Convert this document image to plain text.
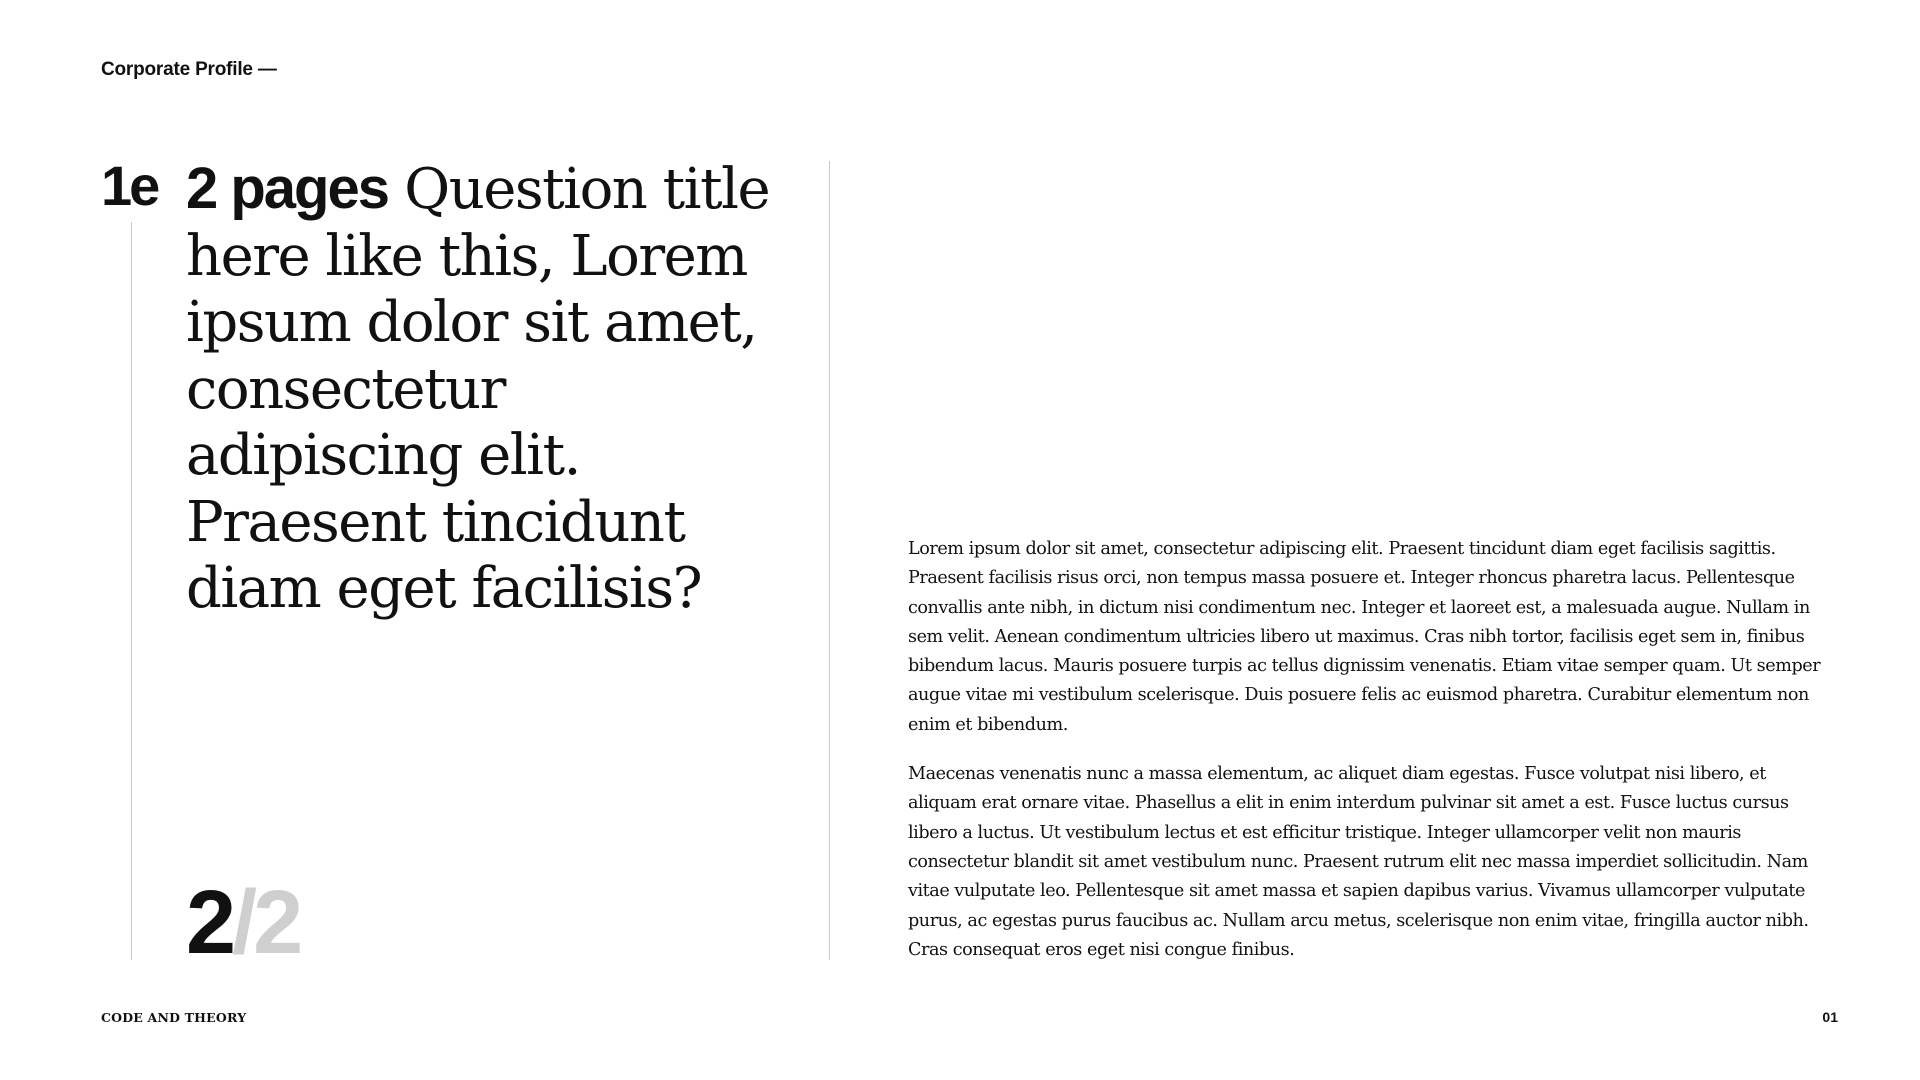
Corporate Profile —
1e 2 pages Question title here like this, Lorem ipsum dolor sit amet, consectetur adipiscing elit. Praesent tincidunt diam eget facilisis?
2/2

Lorem ipsum dolor sit amet, consectetur adipiscing elit. Praesent tincidunt diam eget facilisis sagittis. Praesent facilisis risus orci, non tempus massa posuere et. Integer rhoncus pharetra lacus. Pellentesque convallis ante nibh, in dictum nisi condimentum nec. Integer et laoreet est, a malesuada augue. Nullam in sem velit. Aenean condimentum ultricies libero ut maximus. Cras nibh tortor, facilisis eget sem in, finibus bibendum lacus. Mauris posuere turpis ac tellus dignissim venenatis. Etiam vitae semper quam. Ut semper augue vitae mi vestibulum scelerisque. Duis posuere felis ac euismod pharetra. Curabitur elementum non enim et bibendum.

Maecenas venenatis nunc a massa elementum, ac aliquet diam egestas. Fusce volutpat nisi libero, et aliquam erat ornare vitae. Phasellus a elit in enim interdum pulvinar sit amet a est. Fusce luctus cursus libero a luctus. Ut vestibulum lectus et est efficitur tristique. Integer ullamcorper velit non mauris consectetur blandit sit amet vestibulum nunc. Praesent rutrum elit nec massa imperdiet sollicitudin. Nam vitae vulputate leo. Pellentesque sit amet massa et sapien dapibus varius. Vivamus ullamcorper vulputate purus, ac egestas purus faucibus ac. Nullam arcu metus, scelerisque non enim vitae, fringilla auctor nibh. Cras consequat eros eget nisi congue finibus.

CODE AND THEORY	01
